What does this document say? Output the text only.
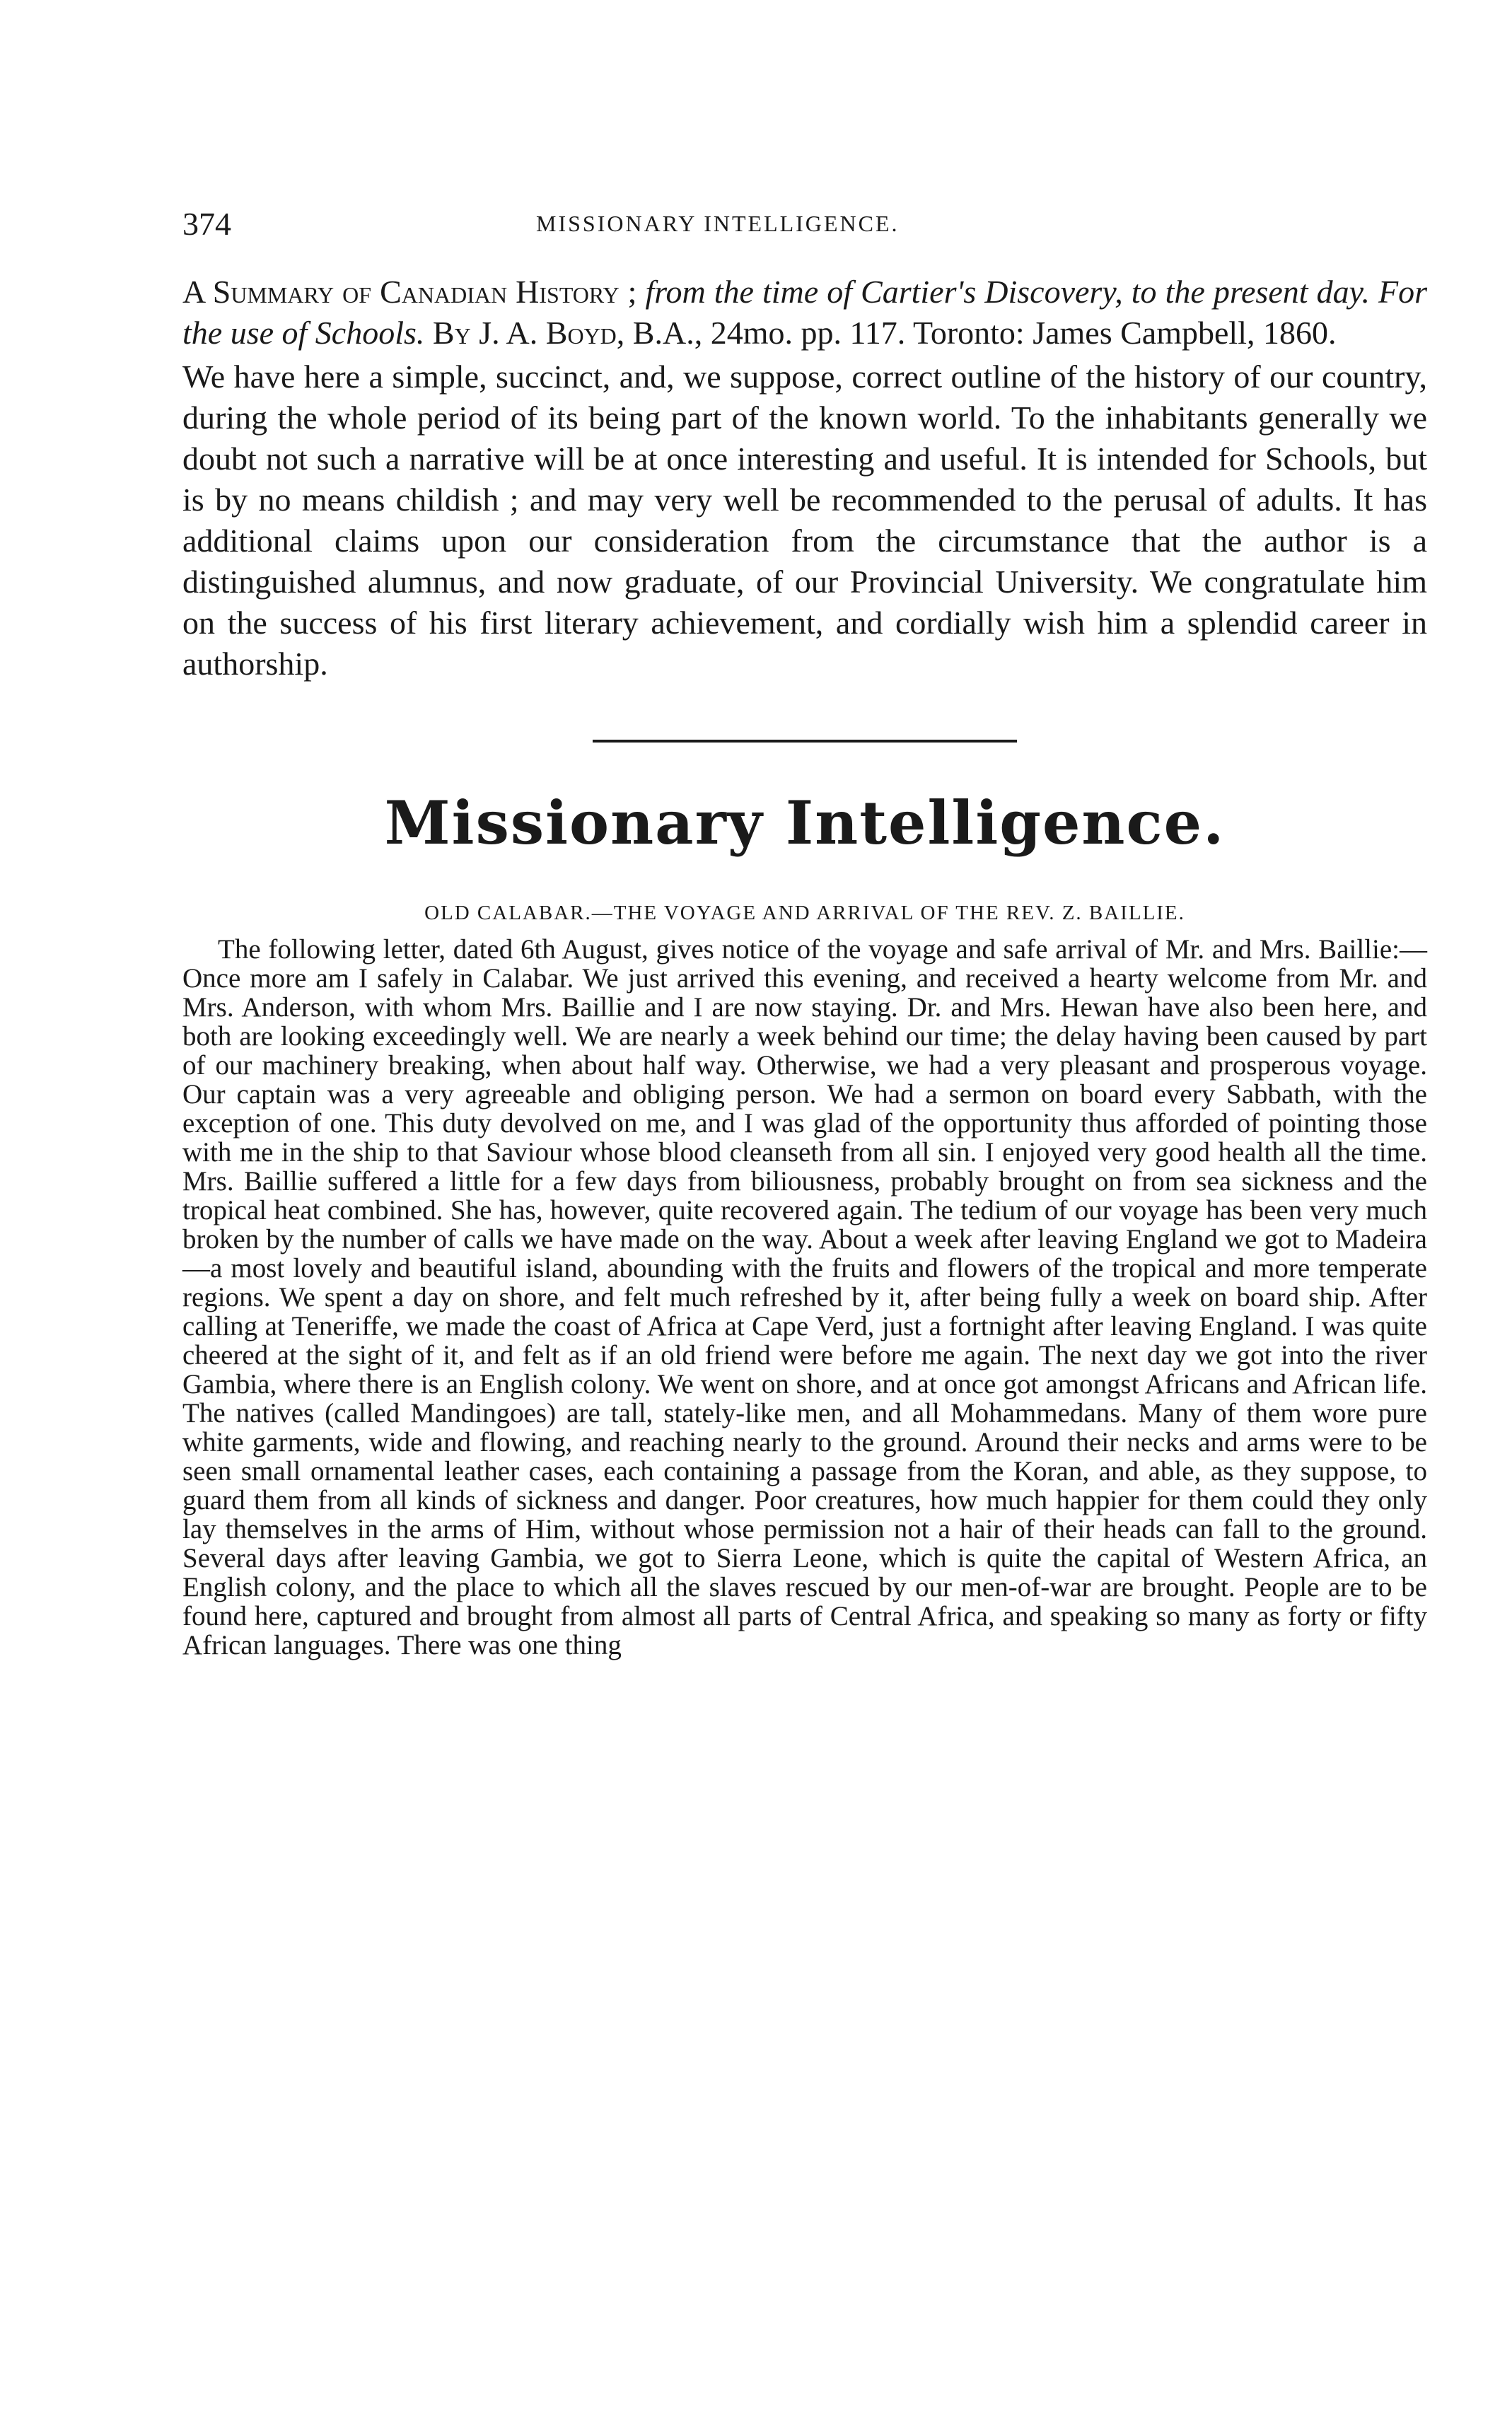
374	MISSIONARY INTELLIGENCE.
A Summary of Canadian History ; from the time of Cartier's Discovery, to the present day. For the use of Schools. By J. A. Boyd, B.A., 24mo. pp. 117. Toronto: James Campbell, 1860.
We have here a simple, succinct, and, we suppose, correct outline of the history of our country, during the whole period of its being part of the known world. To the inhabitants generally we doubt not such a narrative will be at once interesting and useful. It is intended for Schools, but is by no means childish ; and may very well be recommended to the perusal of adults. It has additional claims upon our consideration from the circumstance that the author is a distinguished alumnus, and now graduate, of our Provincial University. We congratulate him on the success of his first literary achievement, and cordially wish him a splendid career in authorship.
Missionary Intelligence.
OLD CALABAR.—THE VOYAGE AND ARRIVAL OF THE REV. Z. BAILLIE.
The following letter, dated 6th August, gives notice of the voyage and safe arrival of Mr. and Mrs. Baillie:—Once more am I safely in Calabar. We just arrived this evening, and received a hearty welcome from Mr. and Mrs. Anderson, with whom Mrs. Baillie and I are now staying. Dr. and Mrs. Hewan have also been here, and both are looking exceedingly well. We are nearly a week behind our time; the delay having been caused by part of our machinery breaking, when about half way. Otherwise, we had a very pleasant and prosperous voyage. Our captain was a very agreeable and obliging person. We had a sermon on board every Sabbath, with the exception of one. This duty devolved on me, and I was glad of the opportunity thus afforded of pointing those with me in the ship to that Saviour whose blood cleanseth from all sin. I enjoyed very good health all the time. Mrs. Baillie suffered a little for a few days from biliousness, probably brought on from sea sickness and the tropical heat combined. She has, however, quite recovered again. The tedium of our voyage has been very much broken by the number of calls we have made on the way. About a week after leaving England we got to Madeira—a most lovely and beautiful island, abounding with the fruits and flowers of the tropical and more temperate regions. We spent a day on shore, and felt much refreshed by it, after being fully a week on board ship. After calling at Teneriffe, we made the coast of Africa at Cape Verd, just a fortnight after leaving England. I was quite cheered at the sight of it, and felt as if an old friend were before me again. The next day we got into the river Gambia, where there is an English colony. We went on shore, and at once got amongst Africans and African life. The natives (called Mandingoes) are tall, stately-like men, and all Mohammedans. Many of them wore pure white garments, wide and flowing, and reaching nearly to the ground. Around their necks and arms were to be seen small ornamental leather cases, each containing a passage from the Koran, and able, as they suppose, to guard them from all kinds of sickness and danger. Poor creatures, how much happier for them could they only lay themselves in the arms of Him, without whose permission not a hair of their heads can fall to the ground. Several days after leaving Gambia, we got to Sierra Leone, which is quite the capital of Western Africa, an English colony, and the place to which all the slaves rescued by our men-of-war are brought. People are to be found here, captured and brought from almost all parts of Central Africa, and speaking so many as forty or fifty African languages. There was one thing
